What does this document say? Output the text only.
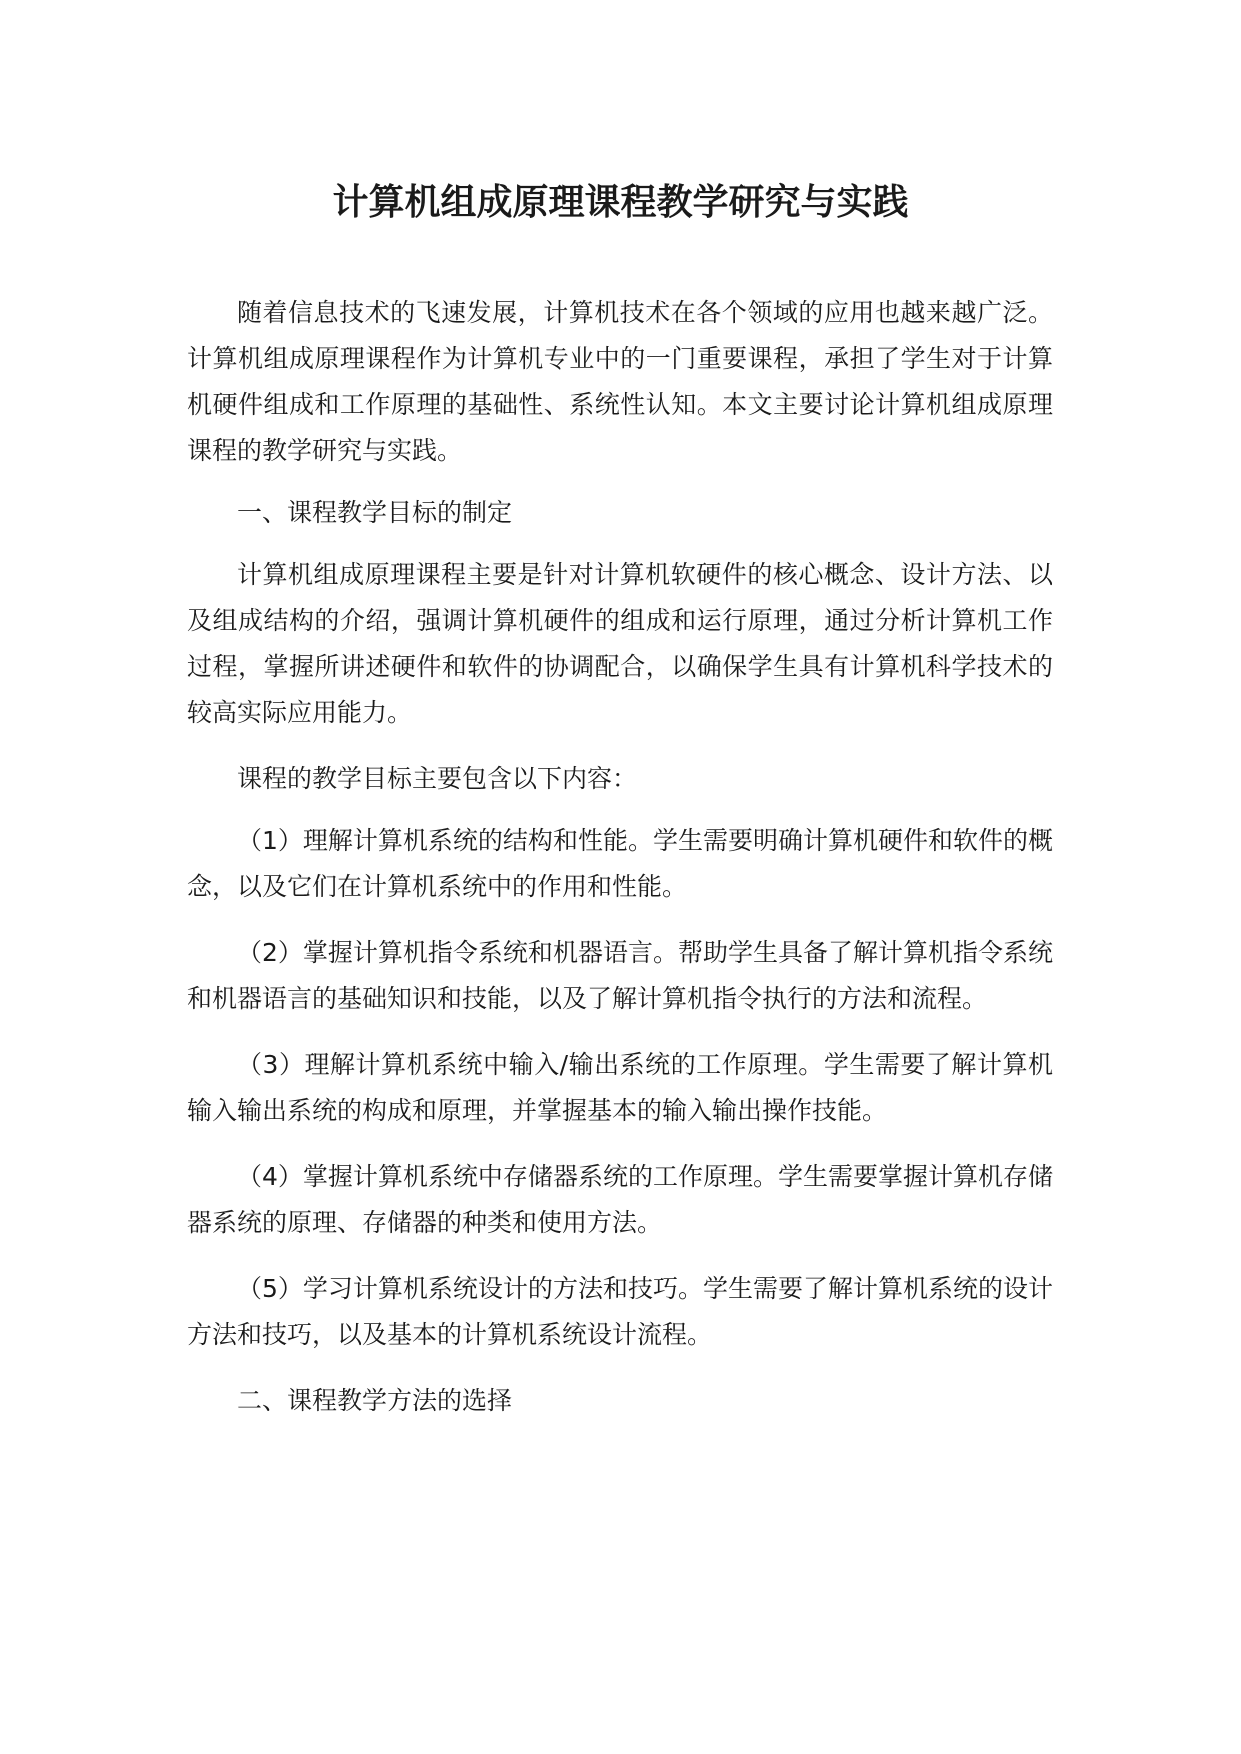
计算机组成原理课程教学研究与实践

随着信息技术的飞速发展，计算机技术在各个领域的应用也越来越广泛。计算机组成原理课程作为计算机专业中的一门重要课程，承担了学生对于计算机硬件组成和工作原理的基础性、系统性认知。本文主要讨论计算机组成原理课程的教学研究与实践。

一、课程教学目标的制定

计算机组成原理课程主要是针对计算机软硬件的核心概念、设计方法、以及组成结构的介绍，强调计算机硬件的组成和运行原理，通过分析计算机工作过程，掌握所讲述硬件和软件的协调配合，以确保学生具有计算机科学技术的较高实际应用能力。

课程的教学目标主要包含以下内容：

（1）理解计算机系统的结构和性能。学生需要明确计算机硬件和软件的概念，以及它们在计算机系统中的作用和性能。

（2）掌握计算机指令系统和机器语言。帮助学生具备了解计算机指令系统和机器语言的基础知识和技能，以及了解计算机指令执行的方法和流程。

（3）理解计算机系统中输入/输出系统的工作原理。学生需要了解计算机输入输出系统的构成和原理，并掌握基本的输入输出操作技能。

（4）掌握计算机系统中存储器系统的工作原理。学生需要掌握计算机存储器系统的原理、存储器的种类和使用方法。

（5）学习计算机系统设计的方法和技巧。学生需要了解计算机系统的设计方法和技巧，以及基本的计算机系统设计流程。

二、课程教学方法的选择
